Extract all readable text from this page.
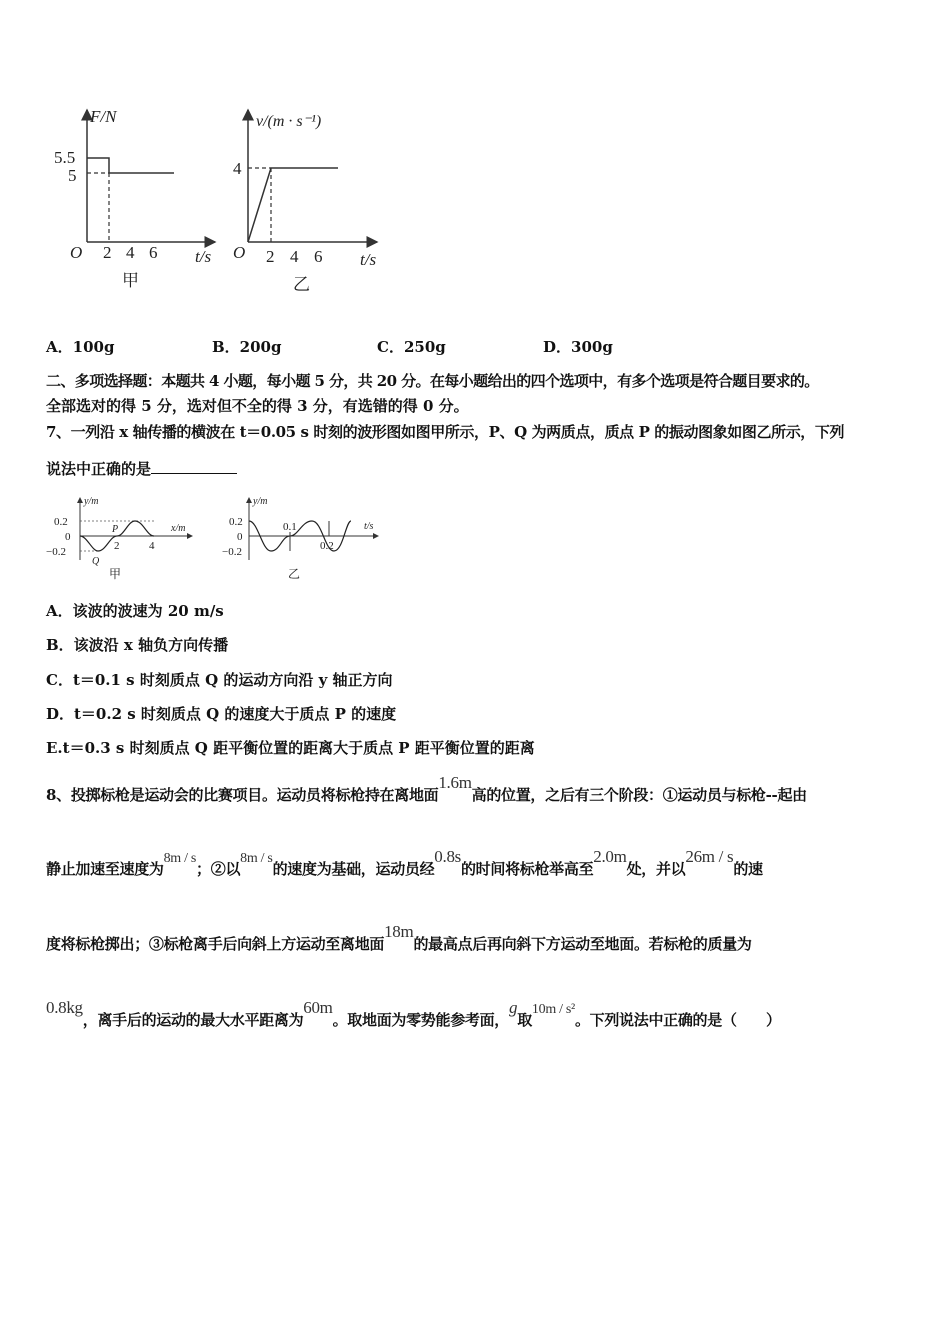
F/N
5.5
5
O 2 4 6 t/s
甲
v/(m · s⁻¹)
4
O 2 4 6 t/s
乙
A．100g	B．200g	C．250g	D．300g
二、多项选择题：本题共 4 小题，每小题 5 分，共 20 分。在每小题给出的四个选项中，有多个选项是符合题目要求的。
全部选对的得 5 分，选对但不全的得 3 分，有选错的得 0 分。
7、一列沿 x 轴传播的横波在 t＝0.05 s 时刻的波形图如图甲所示，P、Q 为两质点，质点 P 的振动图象如图乙所示，下列
说法中正确的是
y/m
x/m
0.2
0
−0.2
P
Q
2	4
甲
y/m
t/s
0.2
0
−0.2
0.1
0.2
乙
A．该波的波速为 20 m/s
B．该波沿 x 轴负方向传播
C．t＝0.1 s 时刻质点 Q 的运动方向沿 y 轴正方向
D．t＝0.2 s 时刻质点 Q 的速度大于质点 P 的速度
E.t＝0.3 s 时刻质点 Q 距平衡位置的距离大于质点 P 距平衡位置的距离
8、投掷标枪是运动会的比赛项目。运动员将标枪持在离地面1.6m高的位置，之后有三个阶段：①运动员与标枪--起由
静止加速至速度为8m / s；②以8m / s的速度为基础，运动员经0.8s的时间将标枪举高至2.0m处，并以26m / s的速
度将标枪掷出；③标枪离手后向斜上方运动至离地面18m的最高点后再向斜下方运动至地面。若标枪的质量为
0.8kg，离手后的运动的最大水平距离为60m。取地面为零势能参考面，g取10m / s²。下列说法中正确的是（　　）
